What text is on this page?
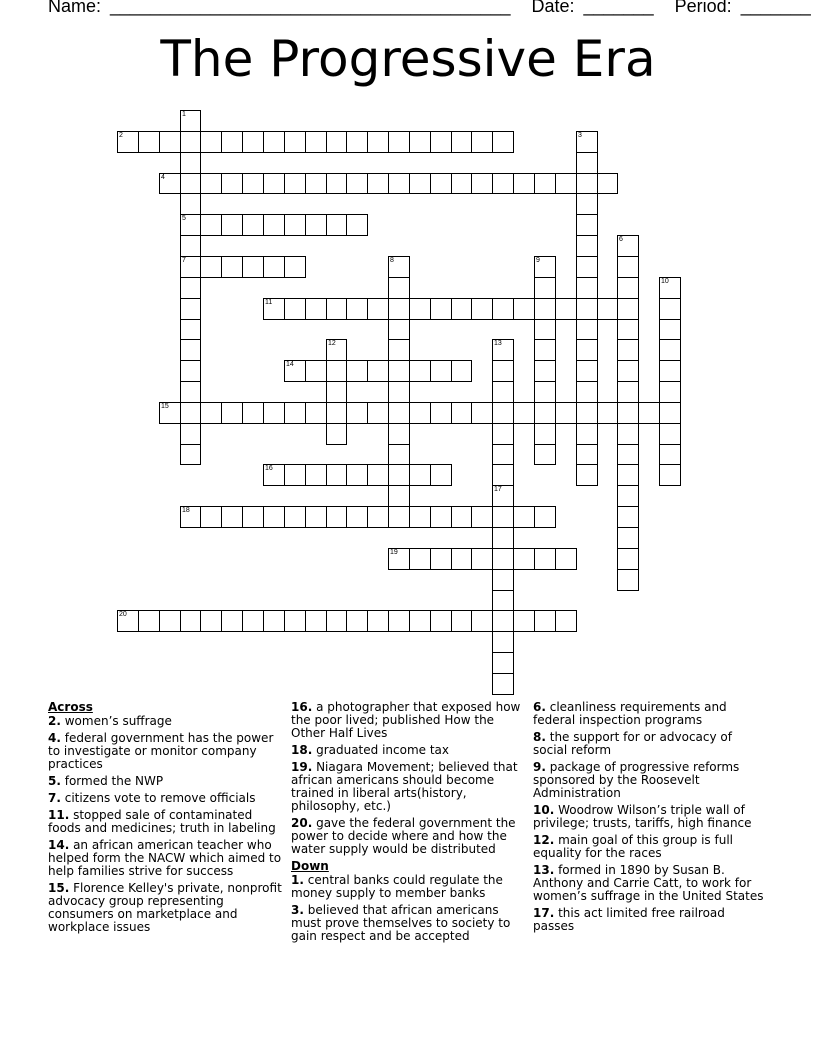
Name: ________________________________________ Date: _______ Period: _______
The Progressive Era
2
4
5
7
11
14
15
16
18
19
20
1
3
6
8	9
10
12	13
17
Across
2. women’s suffrage
4. federal government has the power to investigate or monitor company practices
5. formed the NWP
7. citizens vote to remove officials
11. stopped sale of contaminated foods and medicines; truth in labeling
14. an african american teacher who helped form the NACW which aimed to help families strive for success
15. Florence Kelley's private, nonprofit advocacy group representing consumers on marketplace and workplace issues
16. a photographer that exposed how the poor lived; published How the Other Half Lives
18. graduated income tax
19. Niagara Movement; believed that african americans should become trained in liberal arts(history, philosophy, etc.)
20. gave the federal government the power to decide where and how the water supply would be distributed
Down
1. central banks could regulate the money supply to member banks
3. believed that african americans must prove themselves to society to gain respect and be accepted
6. cleanliness requirements and federal inspection programs
8. the support for or advocacy of social reform
9. package of progressive reforms sponsored by the Roosevelt Administration
10. Woodrow Wilson’s triple wall of privilege; trusts, tariffs, high finance
12. main goal of this group is full equality for the races
13. formed in 1890 by Susan B. Anthony and Carrie Catt, to work for women’s suffrage in the United States
17. this act limited free railroad passes
